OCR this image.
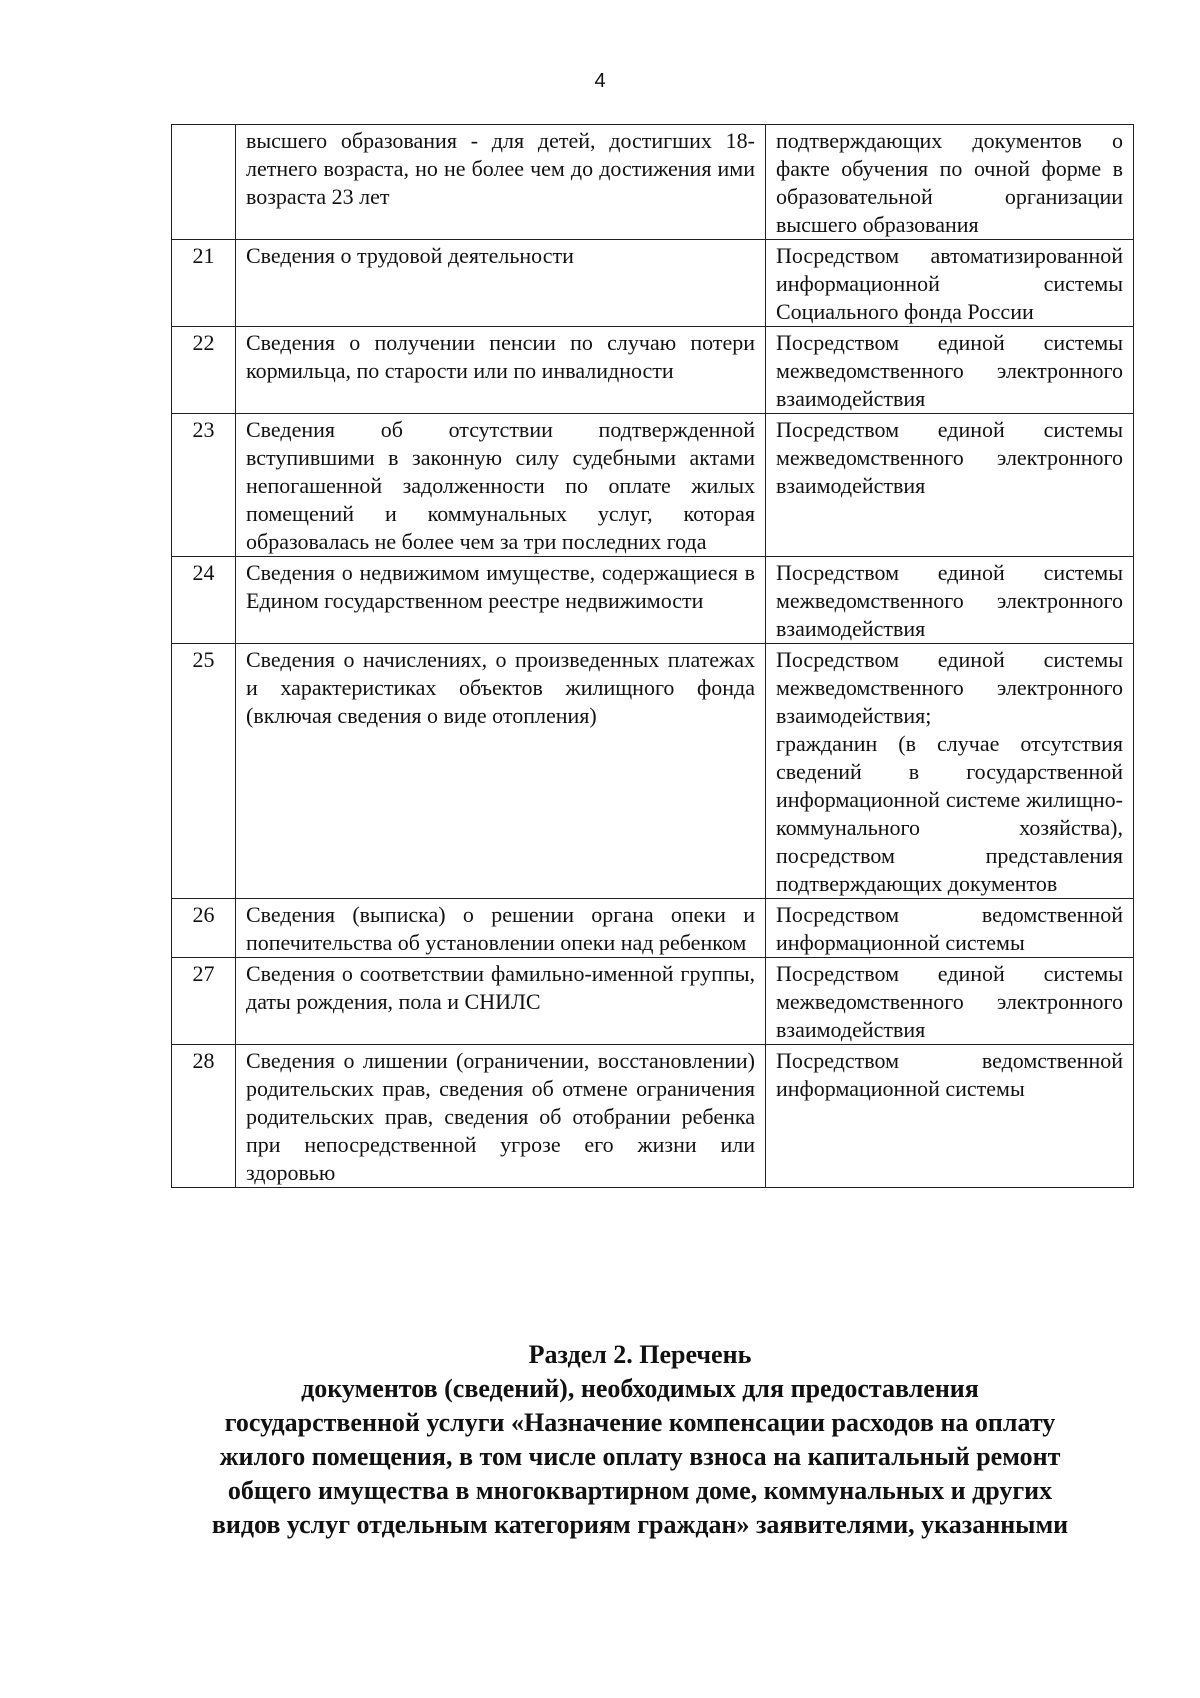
4
	высшего образования - для детей, достигших 18-летнего возраста, но не более чем до достижения ими возраста 23 лет	подтверждающих документов о факте обучения по очной форме в образовательной организации высшего образования

21	Сведения о трудовой деятельности	Посредством автоматизированной информационной системы Социального фонда России

22	Сведения о получении пенсии по случаю потери кормильца, по старости или по инвалидности	Посредством единой системы межведомственного электронного взаимодействия

23	Сведения об отсутствии подтвержденной вступившими в законную силу судебными актами непогашенной задолженности по оплате жилых помещений и коммунальных услуг, которая образовалась не более чем за три последних года	Посредством единой системы межведомственного электронного взаимодействия

24	Сведения о недвижимом имуществе, содержащиеся в Едином государственном реестре недвижимости	Посредством единой системы межведомственного электронного взаимодействия

25	Сведения о начислениях, о произведенных платежах и характеристиках объектов жилищного фонда (включая сведения о виде отопления)	Посредством единой системы межведомственного электронного взаимодействия;
гражданин (в случае отсутствия сведений в государственной информационной системе жилищно-коммунального хозяйства), посредством представления подтверждающих документов

26	Сведения (выписка) о решении органа опеки и попечительства об установлении опеки над ребенком	Посредством ведомственной информационной системы

27	Сведения о соответствии фамильно-именной группы, даты рождения, пола и СНИЛС	Посредством единой системы межведомственного электронного взаимодействия

28	Сведения о лишении (ограничении, восстановлении) родительских прав, сведения об отмене ограничения родительских прав, сведения об отобрании ребенка при непосредственной угрозе его жизни или здоровью	Посредством ведомственной информационной системы
Раздел 2. Перечень
документов (сведений), необходимых для предоставления
государственной услуги «Назначение компенсации расходов на оплату
жилого помещения, в том числе оплату взноса на капитальный ремонт
общего имущества в многоквартирном доме, коммунальных и других
видов услуг отдельным категориям граждан» заявителями, указанными
